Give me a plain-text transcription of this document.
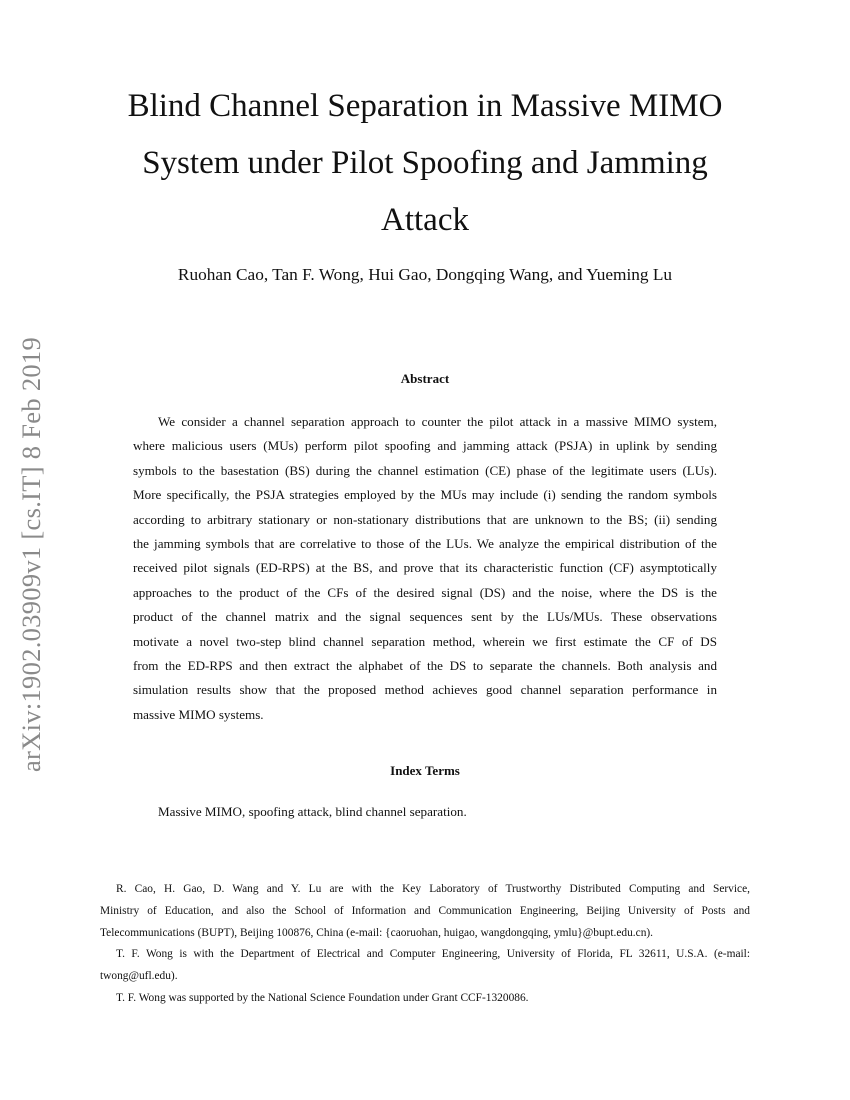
arXiv:1902.03909v1 [cs.IT] 8 Feb 2019
Blind Channel Separation in Massive MIMO
System under Pilot Spoofing and Jamming
Attack
Ruohan Cao, Tan F. Wong, Hui Gao, Dongqing Wang, and Yueming Lu
Abstract
We consider a channel separation approach to counter the pilot attack in a massive MIMO system,
where malicious users (MUs) perform pilot spoofing and jamming attack (PSJA) in uplink by sending
symbols to the basestation (BS) during the channel estimation (CE) phase of the legitimate users (LUs).
More specifically, the PSJA strategies employed by the MUs may include (i) sending the random symbols
according to arbitrary stationary or non-stationary distributions that are unknown to the BS; (ii) sending
the jamming symbols that are correlative to those of the LUs. We analyze the empirical distribution of the
received pilot signals (ED-RPS) at the BS, and prove that its characteristic function (CF) asymptotically
approaches to the product of the CFs of the desired signal (DS) and the noise, where the DS is the
product of the channel matrix and the signal sequences sent by the LUs/MUs. These observations
motivate a novel two-step blind channel separation method, wherein we first estimate the CF of DS
from the ED-RPS and then extract the alphabet of the DS to separate the channels. Both analysis and
simulation results show that the proposed method achieves good channel separation performance in
massive MIMO systems.
Index Terms
Massive MIMO, spoofing attack, blind channel separation.
R. Cao, H. Gao, D. Wang and Y. Lu are with the Key Laboratory of Trustworthy Distributed Computing and Service,
Ministry of Education, and also the School of Information and Communication Engineering, Beijing University of Posts and
Telecommunications (BUPT), Beijing 100876, China (e-mail: {caoruohan, huigao, wangdongqing, ymlu}@bupt.edu.cn).
T. F. Wong is with the Department of Electrical and Computer Engineering, University of Florida, FL 32611, U.S.A. (e-mail:
twong@ufl.edu).
T. F. Wong was supported by the National Science Foundation under Grant CCF-1320086.
